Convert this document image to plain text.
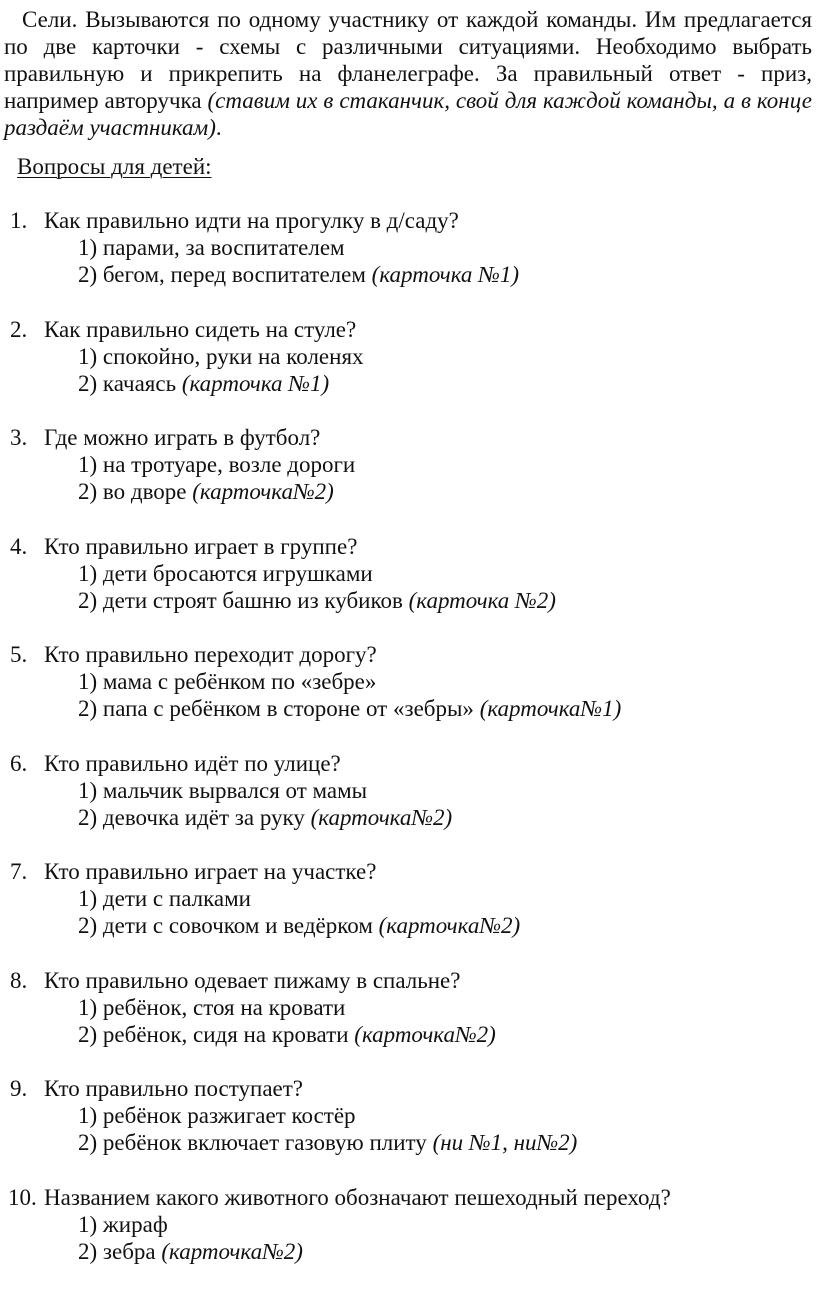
Сели. Вызываются по одному участнику от каждой команды. Им предлагается по две карточки - схемы с различными ситуациями. Необходимо выбрать правильную и прикрепить на фланелеграфе. За правильный ответ - приз, например авторучка (ставим их в стаканчик, свой для каждой команды, а в конце раздаём участникам).

Вопросы для детей:
1. Как правильно идти на прогулку в д/саду?
1) парами, за воспитателем
2) бегом, перед воспитателем (карточка №1)
2. Как правильно сидеть на стуле?
1) спокойно, руки на коленях
2) качаясь (карточка №1)
3. Где можно играть в футбол?
1) на тротуаре, возле дороги
2) во дворе (карточка№2)
4. Кто правильно играет в группе?
1) дети бросаются игрушками
2) дети строят башню из кубиков (карточка №2)
5. Кто правильно переходит дорогу?
1) мама с ребёнком по «зебре»
2) папа с ребёнком в стороне от «зебры» (карточка№1)
6. Кто правильно идёт по улице?
1) мальчик вырвался от мамы
2) девочка идёт за руку (карточка№2)
7. Кто правильно играет на участке?
1) дети с палками
2) дети с совочком и ведёрком (карточка№2)
8. Кто правильно одевает пижаму в спальне?
1) ребёнок, стоя на кровати
2) ребёнок, сидя на кровати (карточка№2)
9. Кто правильно поступает?
1) ребёнок разжигает костёр
2) ребёнок включает газовую плиту (ни №1, ни№2)
10. Названием какого животного обозначают пешеходный переход?
1) жираф
2) зебра (карточка№2)
